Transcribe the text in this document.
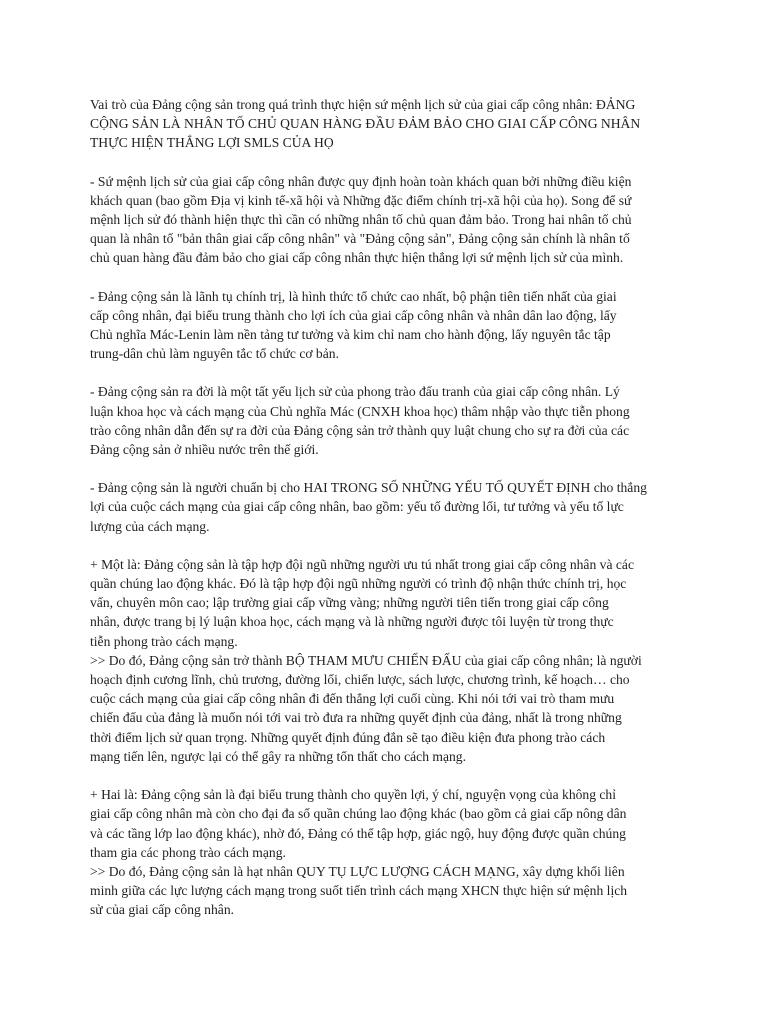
Vai trò của Đảng cộng sản trong quá trình thực hiện sứ mệnh lịch sử của giai cấp công nhân: ĐẢNG
CỘNG SẢN LÀ NHÂN TỐ CHỦ QUAN HÀNG ĐẦU ĐẢM BẢO CHO GIAI CẤP CÔNG NHÂN
THỰC HIỆN THẮNG LỢI SMLS CỦA HỌ

- Sứ mệnh lịch sử của giai cấp công nhân được quy định hoàn toàn khách quan bởi những điều kiện
khách quan (bao gồm Địa vị kinh tế-xã hội và Những đặc điểm chính trị-xã hội của họ). Song để sứ
mệnh lịch sử đó thành hiện thực thì cần có những nhân tố chủ quan đảm bảo. Trong hai nhân tố chủ
quan là nhân tố "bản thân giai cấp công nhân" và "Đảng cộng sản", Đảng cộng sản chính là nhân tố
chủ quan hàng đầu đảm bảo cho giai cấp công nhân thực hiện thắng lợi sứ mệnh lịch sử của mình.

- Đảng cộng sản là lãnh tụ chính trị, là hình thức tổ chức cao nhất, bộ phận tiên tiến nhất của giai
cấp công nhân, đại biểu trung thành cho lợi ích của giai cấp công nhân và nhân dân lao động, lấy
Chủ nghĩa Mác-Lenin làm nền tảng tư tưởng và kim chỉ nam cho hành động, lấy nguyên tắc tập
trung-dân chủ làm nguyên tắc tổ chức cơ bản.

- Đảng cộng sản ra đời là một tất yếu lịch sử của phong trào đấu tranh của giai cấp công nhân. Lý
luận khoa học và cách mạng của Chủ nghĩa Mác (CNXH khoa học) thâm nhập vào thực tiễn phong
trào công nhân dẫn đến sự ra đời của Đảng cộng sản trở thành quy luật chung cho sự ra đời của các
Đảng cộng sản ở nhiều nước trên thế giới.

- Đảng cộng sản là người chuẩn bị cho HAI TRONG SỐ NHỮNG YẾU TỐ QUYẾT ĐỊNH cho thắng
lợi của cuộc cách mạng của giai cấp công nhân, bao gồm: yếu tố đường lối, tư tưởng và yếu tố lực
lượng của cách mạng.

+ Một là: Đảng cộng sản là tập hợp đội ngũ những người ưu tú nhất trong giai cấp công nhân và các
quần chúng lao động khác. Đó là tập hợp đội ngũ những người có trình độ nhận thức chính trị, học
vấn, chuyên môn cao; lập trường giai cấp vững vàng; những người tiên tiến trong giai cấp công
nhân, được trang bị lý luận khoa học, cách mạng và là những người được tôi luyện từ trong thực
tiễn phong trào cách mạng.
>> Do đó, Đảng cộng sản trở thành BỘ THAM MƯU CHIẾN ĐẤU của giai cấp công nhân; là người
hoạch định cương lĩnh, chủ trương, đường lối, chiến lược, sách lược, chương trình, kế hoạch… cho
cuộc cách mạng của giai cấp công nhân đi đến thắng lợi cuối cùng. Khi nói tới vai trò tham mưu
chiến đấu của đảng là muốn nói tới vai trò đưa ra những quyết định của đảng, nhất là trong những
thời điểm lịch sử quan trọng. Những quyết định đúng đắn sẽ tạo điều kiện đưa phong trào cách
mạng tiến lên, ngược lại có thể gây ra những tổn thất cho cách mạng.

+ Hai là: Đảng cộng sản là đại biểu trung thành cho quyền lợi, ý chí, nguyện vọng của không chỉ
giai cấp công nhân mà còn cho đại đa số quần chúng lao động khác (bao gồm cả giai cấp nông dân
và các tầng lớp lao động khác), nhờ đó, Đảng có thể tập hợp, giác ngộ, huy động được quần chúng
tham gia các phong trào cách mạng.
>> Do đó, Đảng cộng sản là hạt nhân QUY TỤ LỰC LƯỢNG CÁCH MẠNG, xây dựng khối liên
minh giữa các lực lượng cách mạng trong suốt tiến trình cách mạng XHCN thực hiện sứ mệnh lịch
sử của giai cấp công nhân.
